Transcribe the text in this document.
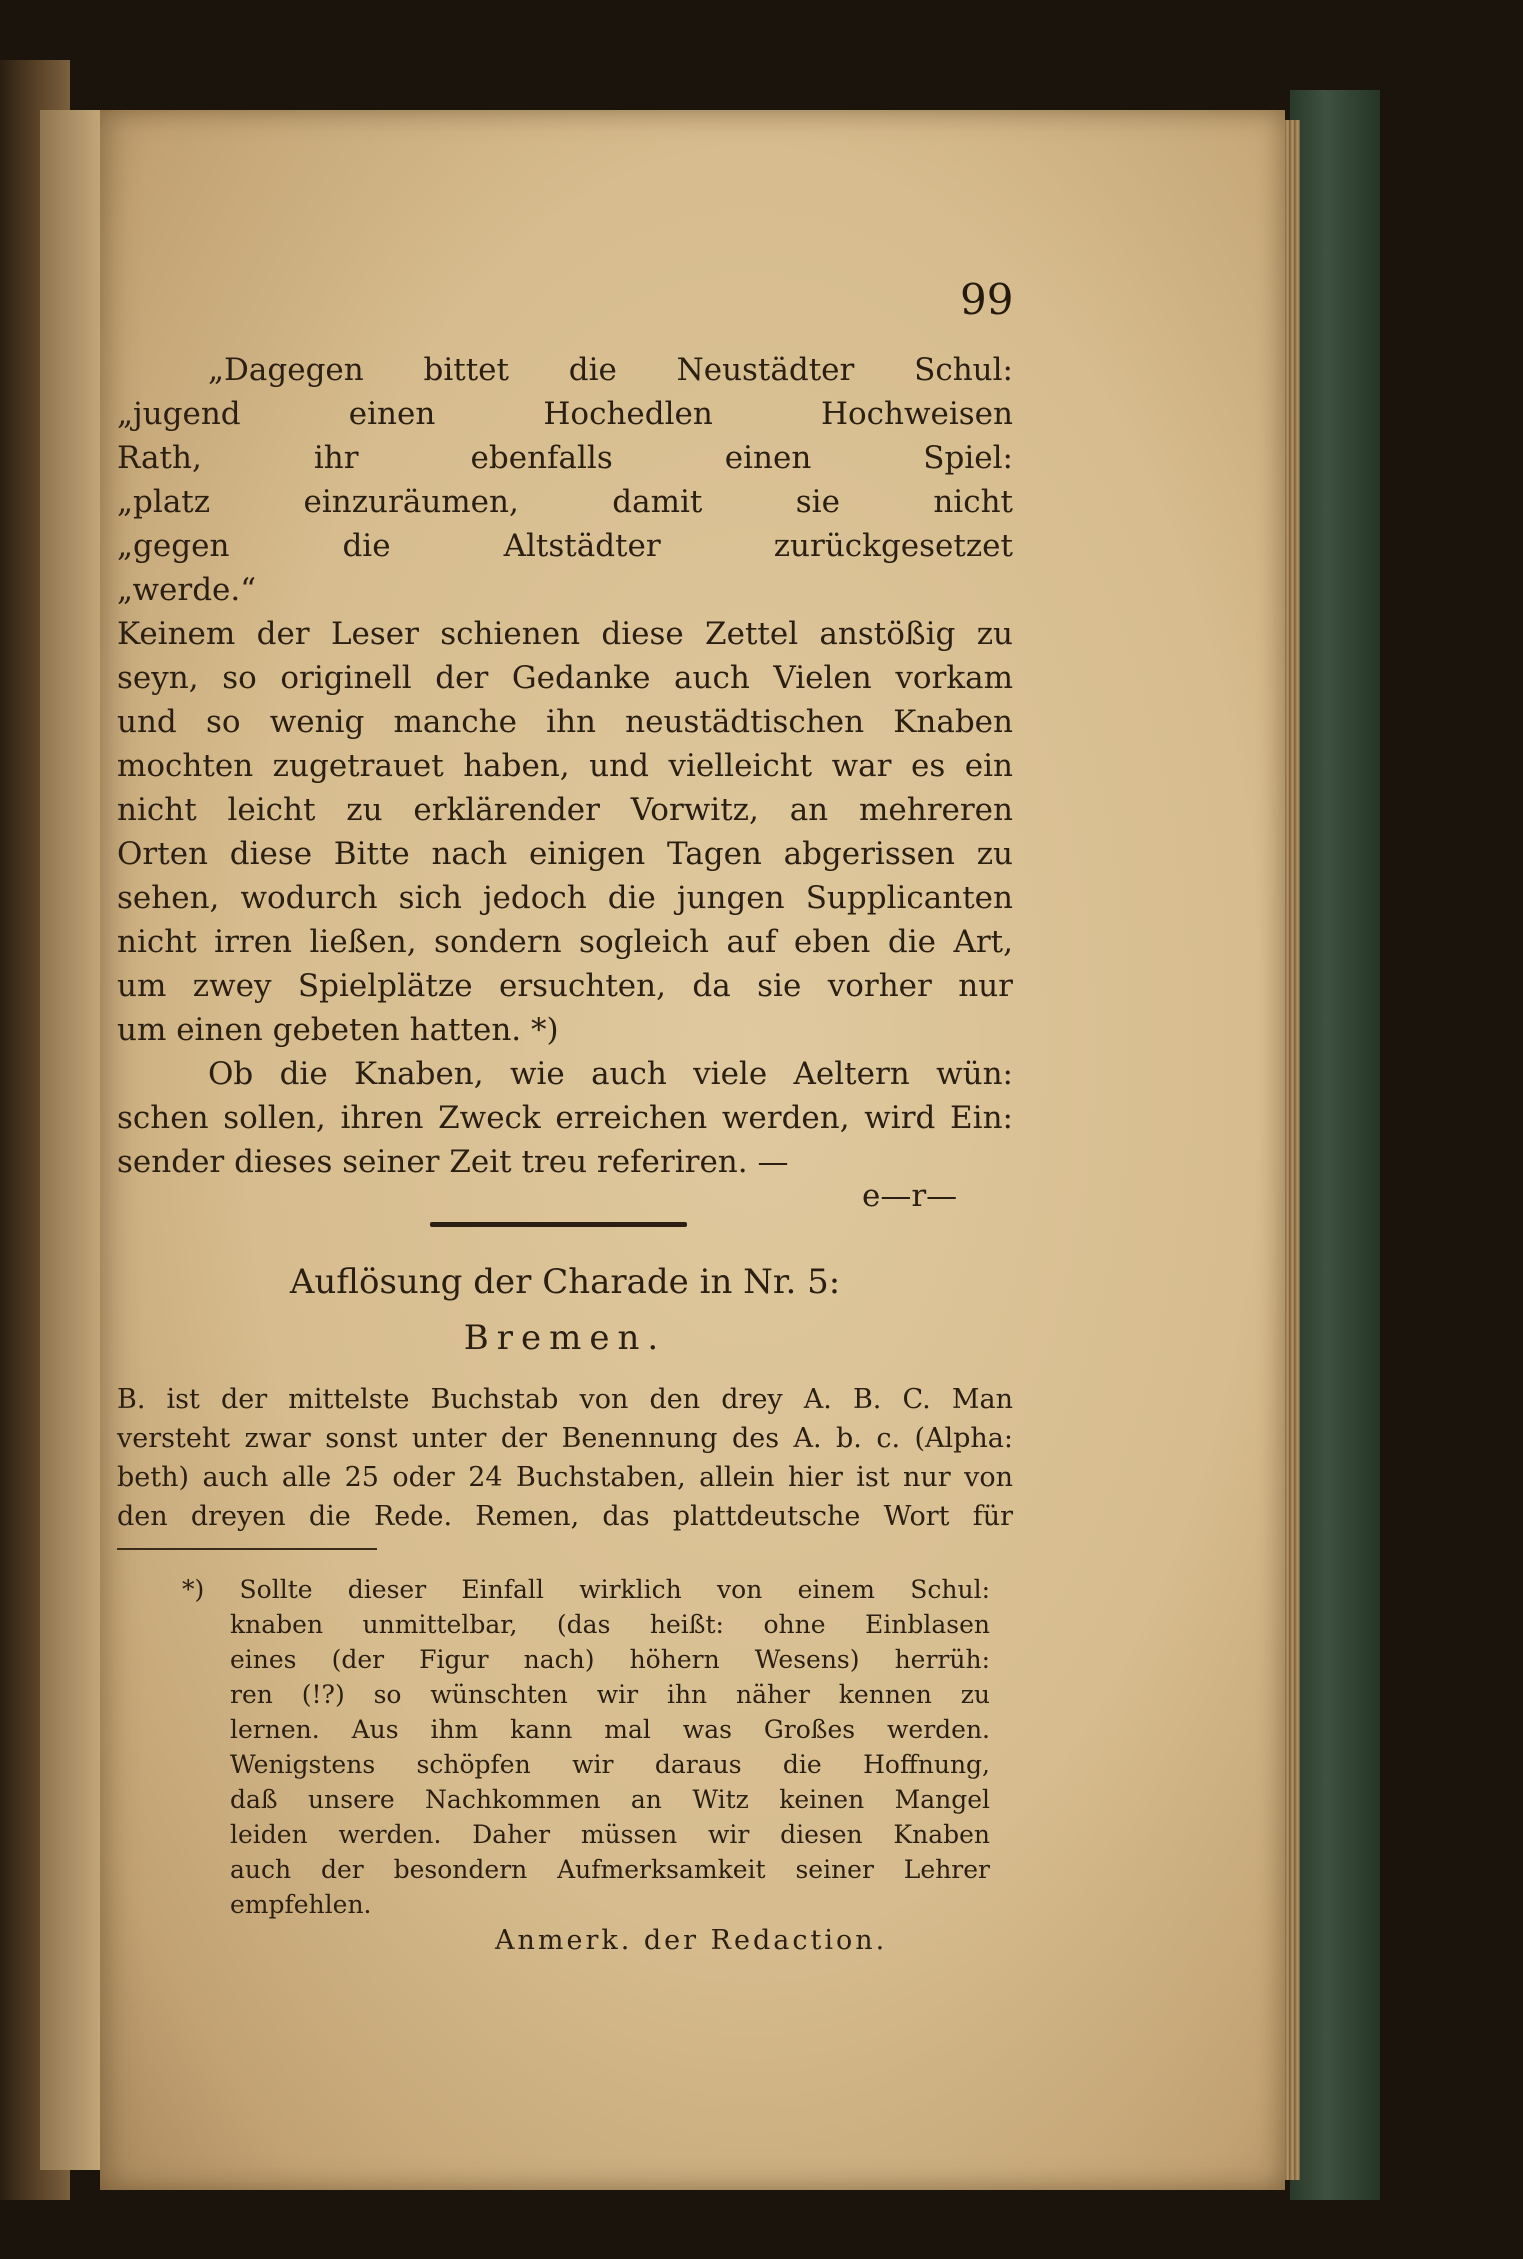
99

„Dagegen bittet die Neustädter Schul:

„jugend einen Hochedlen Hochweisen

Rath, ihr ebenfalls einen Spiel:

„platz einzuräumen, damit sie nicht

„gegen die Altstädter zurückgesetzet

„werde.“

Keinem der Leser schienen diese Zettel anstößig zu

seyn, so originell der Gedanke auch Vielen vorkam

und so wenig manche ihn neustädtischen Knaben

mochten zugetrauet haben, und vielleicht war es ein

nicht leicht zu erklärender Vorwitz, an mehreren

Orten diese Bitte nach einigen Tagen abgerissen zu

sehen, wodurch sich jedoch die jungen Supplicanten

nicht irren ließen, sondern sogleich auf eben die Art,

um zwey Spielplätze ersuchten, da sie vorher nur

um einen gebeten hatten. *)

Ob die Knaben, wie auch viele Aeltern wün:

schen sollen, ihren Zweck erreichen werden, wird Ein:

sender dieses seiner Zeit treu referiren. —

e—r—
Auflösung der Charade in Nr. 5:
Bremen.

B. ist der mittelste Buchstab von den drey A. B. C. Man

versteht zwar sonst unter der Benennung des A. b. c. (Alpha:

beth) auch alle 25 oder 24 Buchstaben, allein hier ist nur von

den dreyen die Rede. Remen, das plattdeutsche Wort für

*) Sollte dieser Einfall wirklich von einem Schul:

knaben unmittelbar, (das heißt: ohne Einblasen

eines (der Figur nach) höhern Wesens) herrüh:

ren (!?) so wünschten wir ihn näher kennen zu

lernen. Aus ihm kann mal was Großes werden.

Wenigstens schöpfen wir daraus die Hoffnung,

daß unsere Nachkommen an Witz keinen Mangel

leiden werden. Daher müssen wir diesen Knaben

auch der besondern Aufmerksamkeit seiner Lehrer

empfehlen.

Anmerk. der Redaction.
